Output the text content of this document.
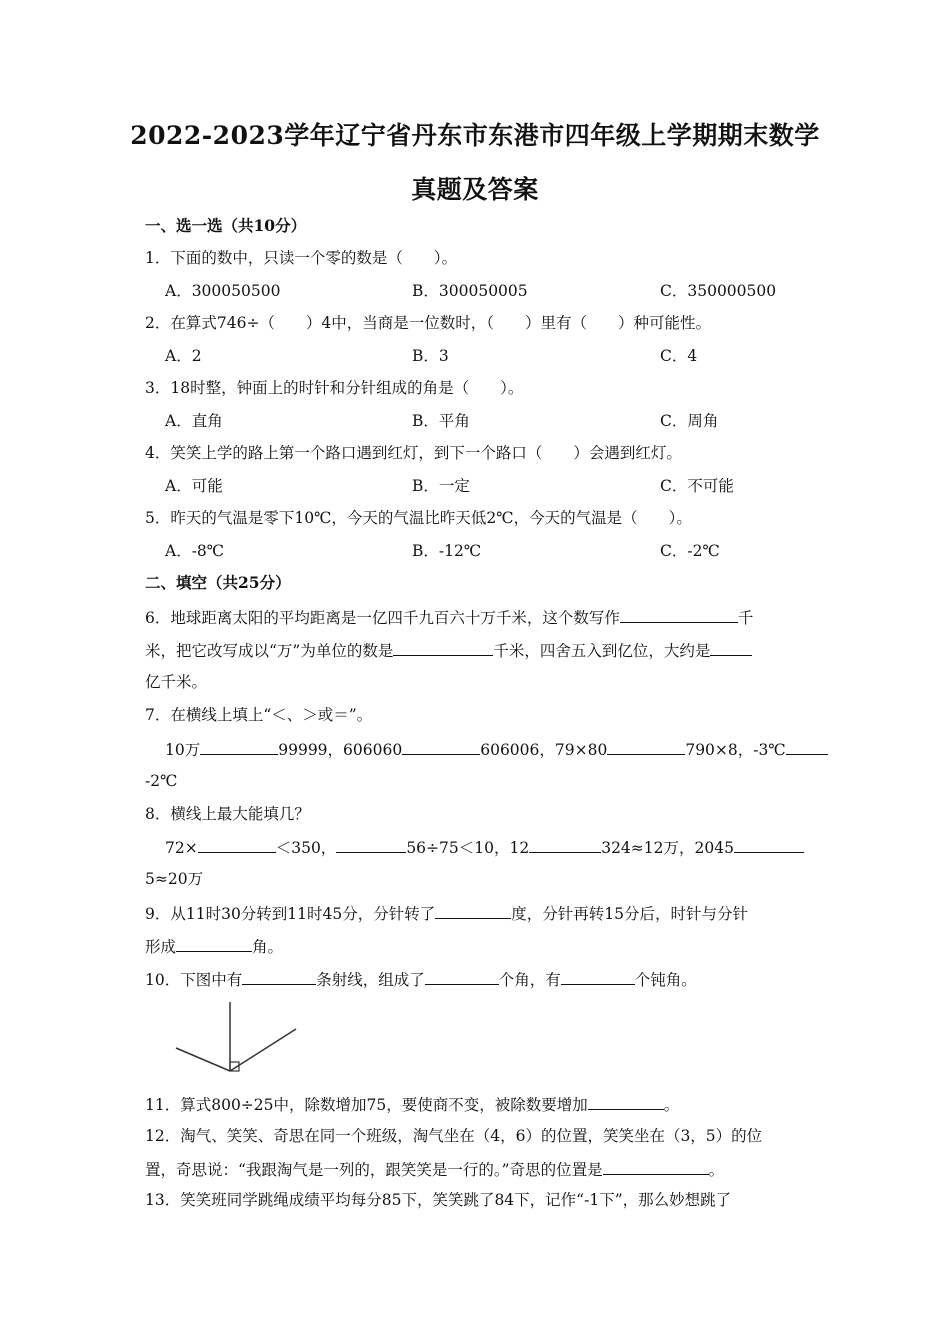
2022-2023学年辽宁省丹东市东港市四年级上学期期末数学
真题及答案
一、选一选（共10分）
1．下面的数中，只读一个零的数是（　　）。
A．300050500	B．300050005	C．350000500
2．在算式746÷（　　）4中，当商是一位数时，（　　）里有（　　）种可能性。
A．2	B．3	C．4
3．18时整，钟面上的时针和分针组成的角是（　　）。
A．直角	B．平角	C．周角
4．笑笑上学的路上第一个路口遇到红灯，到下一个路口（　　）会遇到红灯。
A．可能	B．一定	C．不可能
5．昨天的气温是零下10℃，今天的气温比昨天低2℃，今天的气温是（　　）。
A．-8℃	B．-12℃	C．-2℃
二、填空（共25分）
6．地球距离太阳的平均距离是一亿四千九百六十万千米，这个数写作	千
米，把它改写成以“万”为单位的数是	千米，四舍五入到亿位，大约是
亿千米。
7．在横线上填上“＜、＞或＝”。
10万	99999，606060	606006，79×80	790×8，-3℃
-2℃
8．横线上最大能填几？
72×	＜350，	56÷75＜10，12	324≈12万，2045
5≈20万
9．从11时30分转到11时45分，分针转了	度，分针再转15分后，时针与分针
形成	角。
10．下图中有	条射线，组成了	个角，有	个钝角。
11．算式800÷25中，除数增加75，要使商不变，被除数要增加	。
12．淘气、笑笑、奇思在同一个班级，淘气坐在（4，6）的位置，笑笑坐在（3，5）的位
置，奇思说：“我跟淘气是一列的，跟笑笑是一行的。”奇思的位置是	。
13．笑笑班同学跳绳成绩平均每分85下，笑笑跳了84下，记作“-1下”，那么妙想跳了
